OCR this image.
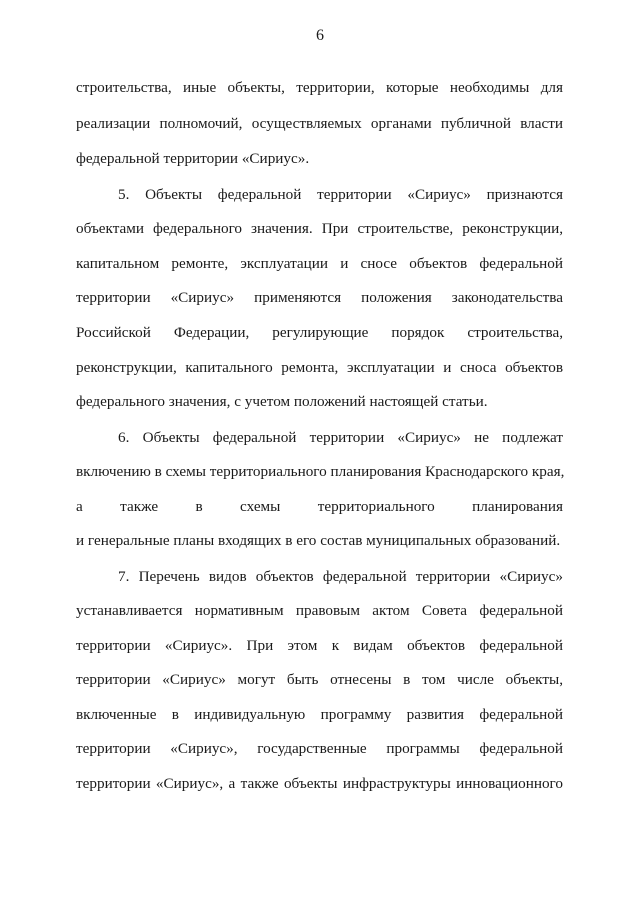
6
строительства, иные объекты, территории, которые необходимы для
реализации полномочий, осуществляемых органами публичной власти
федеральной территории «Сириус».
5. Объекты федеральной территории «Сириус» признаются
объектами федерального значения. При строительстве, реконструкции,
капитальном ремонте, эксплуатации и сносе объектов федеральной
территории «Сириус» применяются положения законодательства
Российской Федерации, регулирующие порядок строительства,
реконструкции, капитального ремонта, эксплуатации и сноса объектов
федерального значения, с учетом положений настоящей статьи.
6. Объекты федеральной территории «Сириус» не подлежат
включению в схемы территориального планирования Краснодарского края,
а также в схемы территориального планирования
и генеральные планы входящих в его состав муниципальных образований.
7. Перечень видов объектов федеральной территории «Сириус»
устанавливается нормативным правовым актом Совета федеральной
территории «Сириус». При этом к видам объектов федеральной
территории «Сириус» могут быть отнесены в том числе объекты,
включенные в индивидуальную программу развития федеральной
территории «Сириус», государственные программы федеральной
территории «Сириус», а также объекты инфраструктуры инновационного
